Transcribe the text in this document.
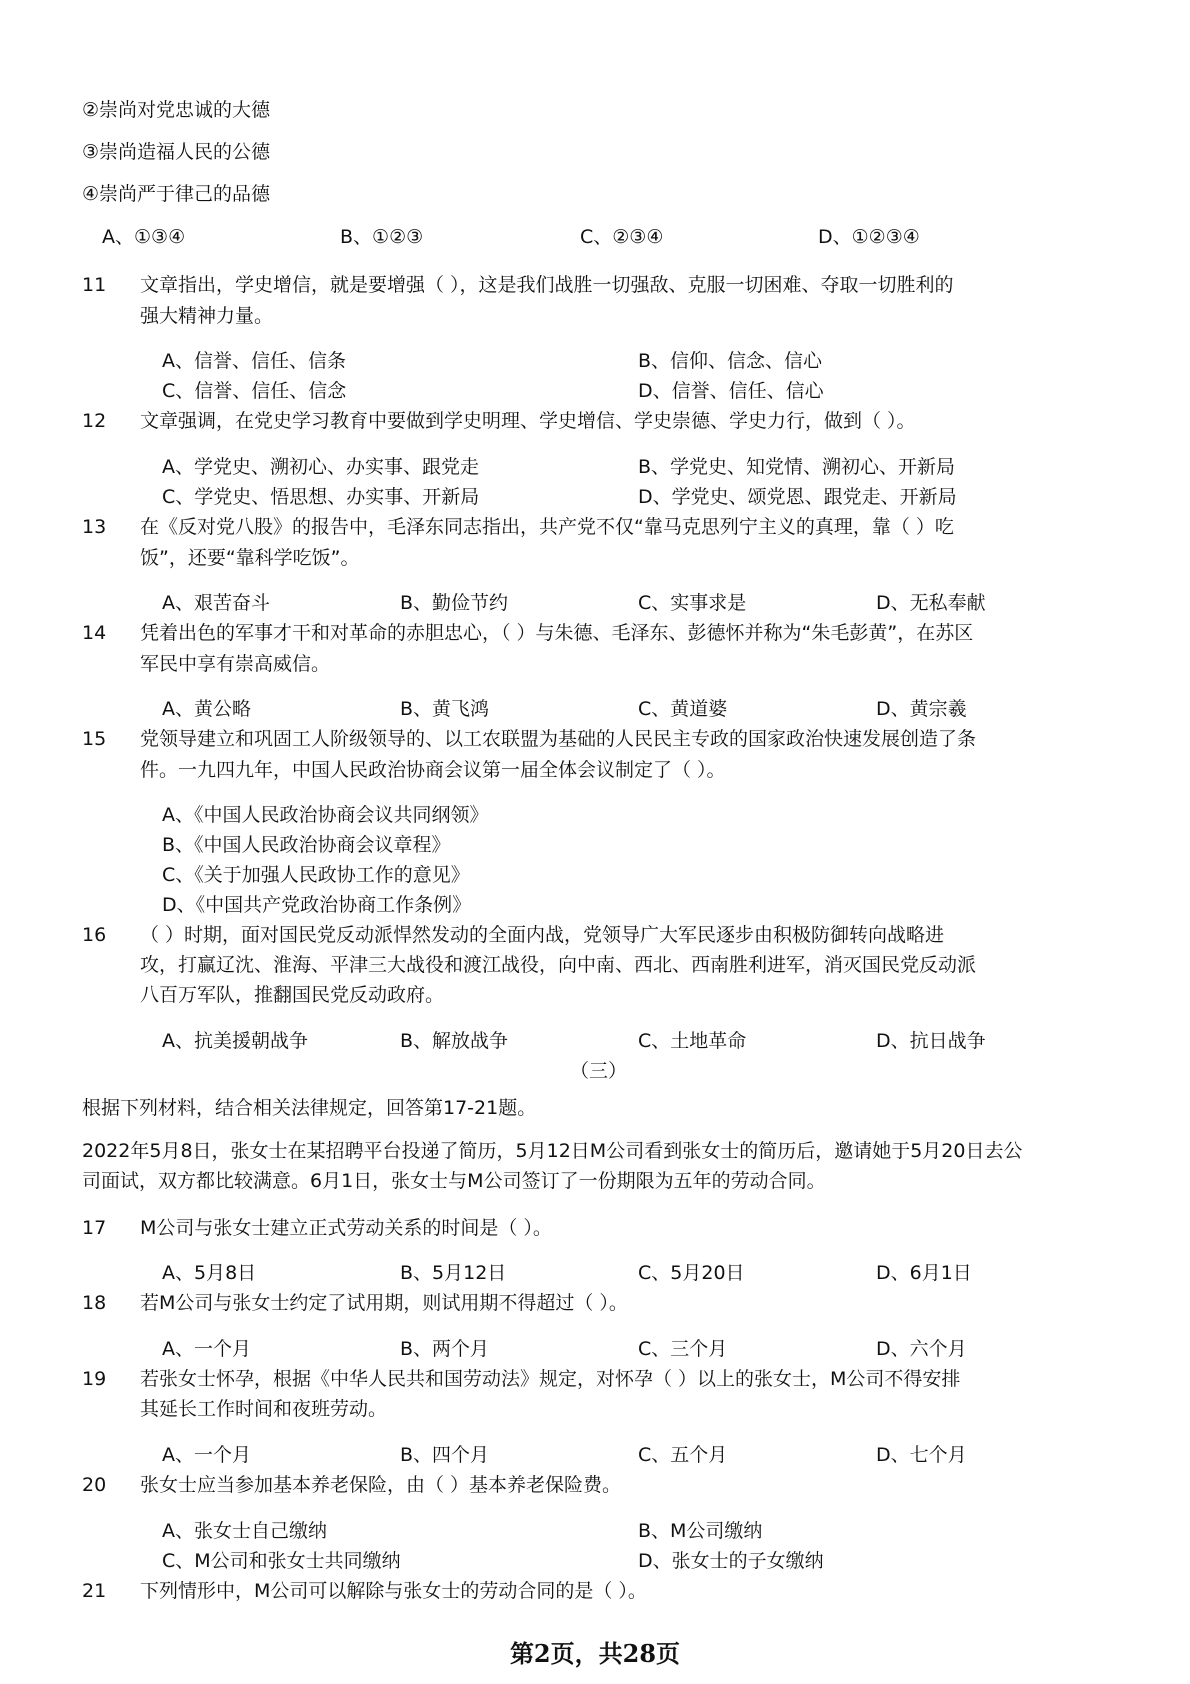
②崇尚对党忠诚的大德
③崇尚造福人民的公德
④崇尚严于律己的品德
A、①③④	B、①②③	C、②③④	D、①②③④
11 文章指出，学史增信，就是要增强（ ），这是我们战胜一切强敌、克服一切困难、夺取一切胜利的
强大精神力量。
A、信誉、信任、信条	B、信仰、信念、信心
C、信誉、信任、信念	D、信誉、信任、信心
12 文章强调，在党史学习教育中要做到学史明理、学史增信、学史崇德、学史力行，做到（ ）。
A、学党史、溯初心、办实事、跟党走	B、学党史、知党情、溯初心、开新局
C、学党史、悟思想、办实事、开新局	D、学党史、颂党恩、跟党走、开新局
13 在《反对党八股》的报告中，毛泽东同志指出，共产党不仅“靠马克思列宁主义的真理，靠（ ）吃
饭”，还要“靠科学吃饭”。
A、艰苦奋斗	B、勤俭节约	C、实事求是	D、无私奉献
14 凭着出色的军事才干和对革命的赤胆忠心，（ ）与朱德、毛泽东、彭德怀并称为“朱毛彭黄”，在苏区
军民中享有崇高威信。
A、黄公略	B、黄飞鸿	C、黄道婆	D、黄宗羲
15 党领导建立和巩固工人阶级领导的、以工农联盟为基础的人民民主专政的国家政治快速发展创造了条
件。一九四九年，中国人民政治协商会议第一届全体会议制定了（ ）。
A、《中国人民政治协商会议共同纲领》
B、《中国人民政治协商会议章程》
C、《关于加强人民政协工作的意见》
D、《中国共产党政治协商工作条例》
16 （ ）时期，面对国民党反动派悍然发动的全面内战，党领导广大军民逐步由积极防御转向战略进
攻，打赢辽沈、淮海、平津三大战役和渡江战役，向中南、西北、西南胜利进军，消灭国民党反动派
八百万军队，推翻国民党反动政府。
A、抗美援朝战争	B、解放战争	C、土地革命	D、抗日战争
（三）
根据下列材料，结合相关法律规定，回答第17-21题。
2022年5月8日，张女士在某招聘平台投递了简历，5月12日M公司看到张女士的简历后，邀请她于5月20日去公
司面试，双方都比较满意。6月1日，张女士与M公司签订了一份期限为五年的劳动合同。
17 M公司与张女士建立正式劳动关系的时间是（ ）。
A、5月8日	B、5月12日	C、5月20日	D、6月1日
18 若M公司与张女士约定了试用期，则试用期不得超过（ ）。
A、一个月	B、两个月	C、三个月	D、六个月
19 若张女士怀孕，根据《中华人民共和国劳动法》规定，对怀孕（ ）以上的张女士，M公司不得安排
其延长工作时间和夜班劳动。
A、一个月	B、四个月	C、五个月	D、七个月
20 张女士应当参加基本养老保险，由（ ）基本养老保险费。
A、张女士自己缴纳	B、M公司缴纳
C、M公司和张女士共同缴纳	D、张女士的子女缴纳
21 下列情形中，M公司可以解除与张女士的劳动合同的是（ ）。
第2页，共28页
